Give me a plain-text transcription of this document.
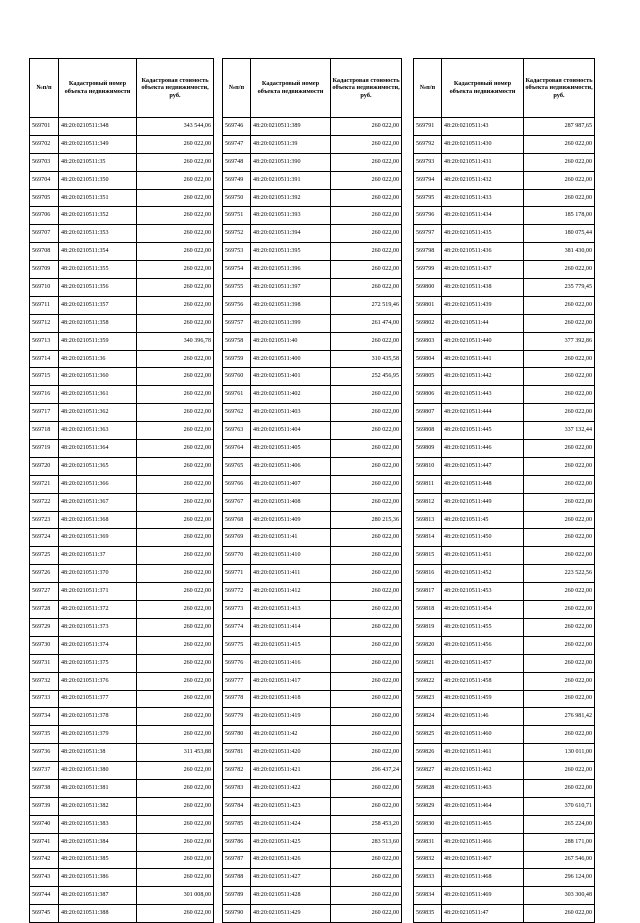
№п/п	Кадастровый номер объекта недвижимости	Кадастровая стоимость объекта недвижимости, руб.
569701	48:20:0210511:348	343 544,06
569702	48:20:0210511:349	260 022,00
569703	48:20:0210511:35	260 022,00
569704	48:20:0210511:350	260 022,00
569705	48:20:0210511:351	260 022,00
569706	48:20:0210511:352	260 022,00
569707	48:20:0210511:353	260 022,00
569708	48:20:0210511:354	260 022,00
569709	48:20:0210511:355	260 022,00
569710	48:20:0210511:356	260 022,00
569711	48:20:0210511:357	260 022,00
569712	48:20:0210511:358	260 022,00
569713	48:20:0210511:359	340 396,78
569714	48:20:0210511:36	260 022,00
569715	48:20:0210511:360	260 022,00
569716	48:20:0210511:361	260 022,00
569717	48:20:0210511:362	260 022,00
569718	48:20:0210511:363	260 022,00
569719	48:20:0210511:364	260 022,00
569720	48:20:0210511:365	260 022,00
569721	48:20:0210511:366	260 022,00
569722	48:20:0210511:367	260 022,00
569723	48:20:0210511:368	260 022,00
569724	48:20:0210511:369	260 022,00
569725	48:20:0210511:37	260 022,00
569726	48:20:0210511:370	260 022,00
569727	48:20:0210511:371	260 022,00
569728	48:20:0210511:372	260 022,00
569729	48:20:0210511:373	260 022,00
569730	48:20:0210511:374	260 022,00
569731	48:20:0210511:375	260 022,00
569732	48:20:0210511:376	260 022,00
569733	48:20:0210511:377	260 022,00
569734	48:20:0210511:378	260 022,00
569735	48:20:0210511:379	260 022,00
569736	48:20:0210511:38	311 453,88
569737	48:20:0210511:380	260 022,00
569738	48:20:0210511:381	260 022,00
569739	48:20:0210511:382	260 022,00
569740	48:20:0210511:383	260 022,00
569741	48:20:0210511:384	260 022,00
569742	48:20:0210511:385	260 022,00
569743	48:20:0210511:386	260 022,00
569744	48:20:0210511:387	301 008,00
569745	48:20:0210511:388	260 022,00
№п/п	Кадастровый номер объекта недвижимости	Кадастровая стоимость объекта недвижимости, руб.
569746	48:20:0210511:389	260 022,00
569747	48:20:0210511:39	260 022,00
569748	48:20:0210511:390	260 022,00
569749	48:20:0210511:391	260 022,00
569750	48:20:0210511:392	260 022,00
569751	48:20:0210511:393	260 022,00
569752	48:20:0210511:394	260 022,00
569753	48:20:0210511:395	260 022,00
569754	48:20:0210511:396	260 022,00
569755	48:20:0210511:397	260 022,00
569756	48:20:0210511:398	272 519,46
569757	48:20:0210511:399	261 474,00
569758	48:20:0210511:40	260 022,00
569759	48:20:0210511:400	310 435,58
569760	48:20:0210511:401	252 456,95
569761	48:20:0210511:402	260 022,00
569762	48:20:0210511:403	260 022,00
569763	48:20:0210511:404	260 022,00
569764	48:20:0210511:405	260 022,00
569765	48:20:0210511:406	260 022,00
569766	48:20:0210511:407	260 022,00
569767	48:20:0210511:408	260 022,00
569768	48:20:0210511:409	280 215,36
569769	48:20:0210511:41	260 022,00
569770	48:20:0210511:410	260 022,00
569771	48:20:0210511:411	260 022,00
569772	48:20:0210511:412	260 022,00
569773	48:20:0210511:413	260 022,00
569774	48:20:0210511:414	260 022,00
569775	48:20:0210511:415	260 022,00
569776	48:20:0210511:416	260 022,00
569777	48:20:0210511:417	260 022,00
569778	48:20:0210511:418	260 022,00
569779	48:20:0210511:419	260 022,00
569780	48:20:0210511:42	260 022,00
569781	48:20:0210511:420	260 022,00
569782	48:20:0210511:421	296 437,24
569783	48:20:0210511:422	260 022,00
569784	48:20:0210511:423	260 022,00
569785	48:20:0210511:424	258 453,20
569786	48:20:0210511:425	283 513,60
569787	48:20:0210511:426	260 022,00
569788	48:20:0210511:427	260 022,00
569789	48:20:0210511:428	260 022,00
569790	48:20:0210511:429	260 022,00
№п/п	Кадастровый номер объекта недвижимости	Кадастровая стоимость объекта недвижимости, руб.
569791	48:20:0210511:43	287 987,65
569792	48:20:0210511:430	260 022,00
569793	48:20:0210511:431	260 022,00
569794	48:20:0210511:432	260 022,00
569795	48:20:0210511:433	260 022,00
569796	48:20:0210511:434	185 178,00
569797	48:20:0210511:435	180 075,44
569798	48:20:0210511:436	381 430,00
569799	48:20:0210511:437	260 022,00
569800	48:20:0210511:438	235 779,45
569801	48:20:0210511:439	260 022,00
569802	48:20:0210511:44	260 022,00
569803	48:20:0210511:440	377 392,86
569804	48:20:0210511:441	260 022,00
569805	48:20:0210511:442	260 022,00
569806	48:20:0210511:443	260 022,00
569807	48:20:0210511:444	260 022,00
569808	48:20:0210511:445	337 132,44
569809	48:20:0210511:446	260 022,00
569810	48:20:0210511:447	260 022,00
569811	48:20:0210511:448	260 022,00
569812	48:20:0210511:449	260 022,00
569813	48:20:0210511:45	260 022,00
569814	48:20:0210511:450	260 022,00
569815	48:20:0210511:451	260 022,00
569816	48:20:0210511:452	223 522,56
569817	48:20:0210511:453	260 022,00
569818	48:20:0210511:454	260 022,00
569819	48:20:0210511:455	260 022,00
569820	48:20:0210511:456	260 022,00
569821	48:20:0210511:457	260 022,00
569822	48:20:0210511:458	260 022,00
569823	48:20:0210511:459	260 022,00
569824	48:20:0210511:46	276 981,42
569825	48:20:0210511:460	260 022,00
569826	48:20:0210511:461	130 011,00
569827	48:20:0210511:462	260 022,00
569828	48:20:0210511:463	260 022,00
569829	48:20:0210511:464	370 610,71
569830	48:20:0210511:465	265 224,00
569831	48:20:0210511:466	288 171,00
569832	48:20:0210511:467	267 546,00
569833	48:20:0210511:468	296 124,00
569834	48:20:0210511:469	303 300,48
569835	48:20:0210511:47	260 022,00
